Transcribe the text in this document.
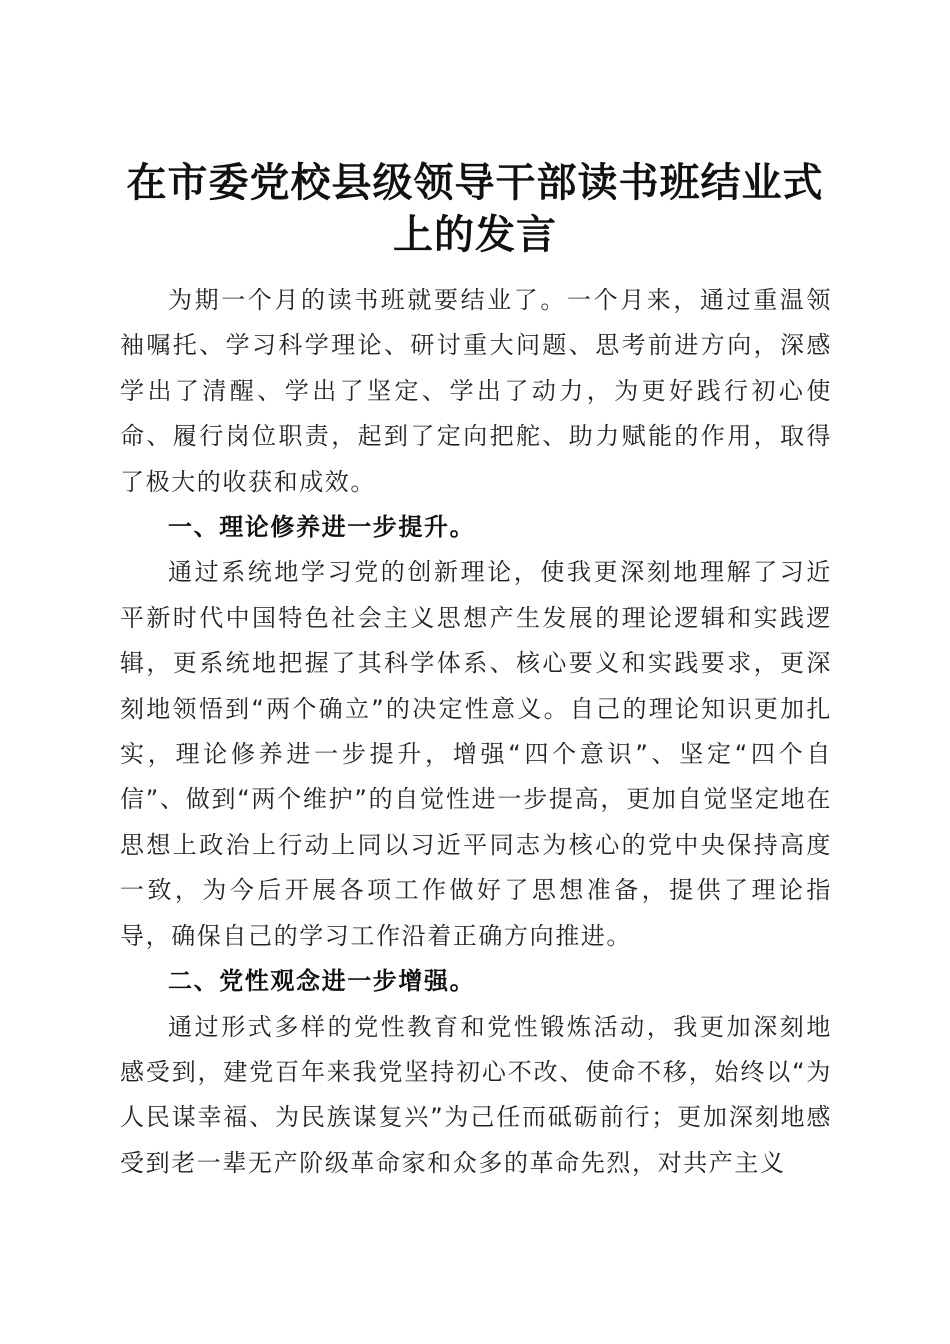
在市委党校县级领导干部读书班结业式上的发言

为期一个月的读书班就要结业了。一个月来，通过重温领袖嘱托、学习科学理论、研讨重大问题、思考前进方向，深感学出了清醒、学出了坚定、学出了动力，为更好践行初心使命、履行岗位职责，起到了定向把舵、助力赋能的作用，取得了极大的收获和成效。

一、理论修养进一步提升。

通过系统地学习党的创新理论，使我更深刻地理解了习近平新时代中国特色社会主义思想产生发展的理论逻辑和实践逻辑，更系统地把握了其科学体系、核心要义和实践要求，更深刻地领悟到“两个确立”的决定性意义。自己的理论知识更加扎实，理论修养进一步提升，增强“四个意识”、坚定“四个自信”、做到“两个维护”的自觉性进一步提高，更加自觉坚定地在思想上政治上行动上同以习近平同志为核心的党中央保持高度一致，为今后开展各项工作做好了思想准备，提供了理论指导，确保自己的学习工作沿着正确方向推进。

二、党性观念进一步增强。

通过形式多样的党性教育和党性锻炼活动，我更加深刻地感受到，建党百年来我党坚持初心不改、使命不移，始终以“为人民谋幸福、为民族谋复兴”为己任而砥砺前行；更加深刻地感受到老一辈无产阶级革命家和众多的革命先烈，对共产主义
